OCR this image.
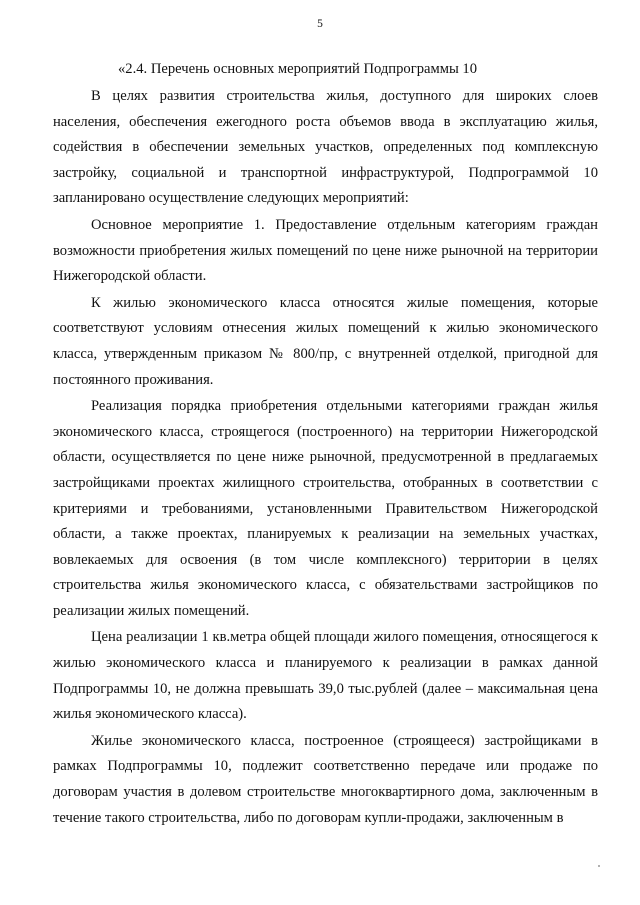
5
«2.4. Перечень основных мероприятий Подпрограммы 10

В целях развития строительства жилья, доступного для широких слоев населения, обеспечения ежегодного роста объемов ввода в эксплуатацию жилья, содействия в обеспечении земельных участков, определенных под комплексную застройку, социальной и транспортной инфраструктурой, Подпрограммой 10 запланировано осуществление следующих мероприятий:

Основное мероприятие 1. Предоставление отдельным категориям граждан возможности приобретения жилых помещений по цене ниже рыночной на территории Нижегородской области.

К жилью экономического класса относятся жилые помещения, которые соответствуют условиям отнесения жилых помещений к жилью экономического класса, утвержденным приказом № 800/пр, с внутренней отделкой, пригодной для постоянного проживания.

Реализация порядка приобретения отдельными категориями граждан жилья экономического класса, строящегося (построенного) на территории Нижегородской области, осуществляется по цене ниже рыночной, предусмотренной в предлагаемых застройщиками проектах жилищного строительства, отобранных в соответствии с критериями и требованиями, установленными Правительством Нижегородской области, а также проектах, планируемых к реализации на земельных участках, вовлекаемых для освоения (в том числе комплексного) территории в целях строительства жилья экономического класса, с обязательствами застройщиков по реализации жилых помещений.

Цена реализации 1 кв.метра общей площади жилого помещения, относящегося к жилью экономического класса и планируемого к реализации в рамках данной Подпрограммы 10, не должна превышать 39,0 тыс.рублей (далее – максимальная цена жилья экономического класса).

Жилье экономического класса, построенное (строящееся) застройщиками в рамках Подпрограммы 10, подлежит соответственно передаче или продаже по договорам участия в долевом строительстве многоквартирного дома, заключенным в течение такого строительства, либо по договорам купли-продажи, заключенным в
